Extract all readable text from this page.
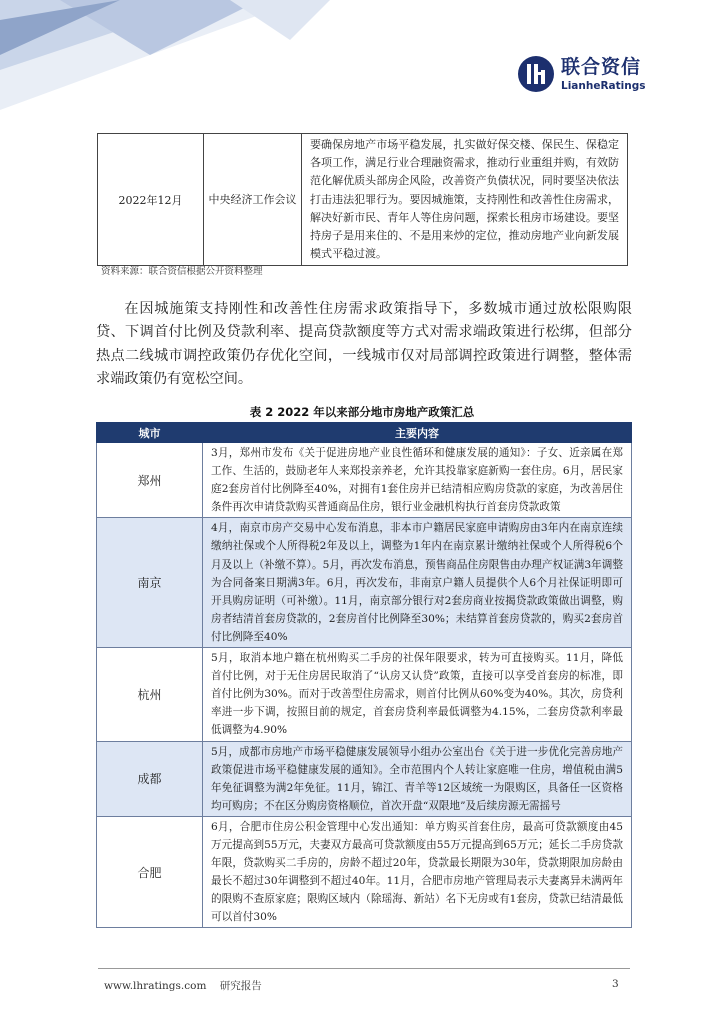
联合资信
LianheRatings
2022年12月	中央经济工作会议	要确保房地产市场平稳发展，扎实做好保交楼、保民生、保稳定各项工作，满足行业合理融资需求，推动行业重组并购，有效防范化解优质头部房企风险，改善资产负债状况，同时要坚决依法打击违法犯罪行为。要因城施策，支持刚性和改善性住房需求，解决好新市民、青年人等住房问题，探索长租房市场建设。要坚持房子是用来住的、不是用来炒的定位，推动房地产业向新发展模式平稳过渡。
资料来源：联合资信根据公开资料整理
在因城施策支持刚性和改善性住房需求政策指导下，多数城市通过放松限购限贷、下调首付比例及贷款利率、提高贷款额度等方式对需求端政策进行松绑，但部分热点二线城市调控政策仍存优化空间，一线城市仅对局部调控政策进行调整，整体需求端政策仍有宽松空间。
表 2 2022 年以来部分地市房地产政策汇总
城市	主要内容
郑州	3月，郑州市发布《关于促进房地产业良性循环和健康发展的通知》：子女、近亲属在郑工作、生活的，鼓励老年人来郑投亲养老，允许其投靠家庭新购一套住房。6月，居民家庭2套房首付比例降至40%，对拥有1套住房并已结清相应购房贷款的家庭，为改善居住条件再次申请贷款购买普通商品住房，银行业金融机构执行首套房贷款政策
南京	4月，南京市房产交易中心发布消息，非本市户籍居民家庭申请购房由3年内在南京连续缴纳社保或个人所得税2年及以上，调整为1年内在南京累计缴纳社保或个人所得税6个月及以上（补缴不算）。5月，再次发布消息，预售商品住房限售由办理产权证满3年调整为合同备案日期满3年。6月，再次发布，非南京户籍人员提供个人6个月社保证明即可开具购房证明（可补缴）。11月，南京部分银行对2套房商业按揭贷款政策做出调整，购房者结清首套房贷款的，2套房首付比例降至30%；未结算首套房贷款的，购买2套房首付比例降至40%
杭州	5月，取消本地户籍在杭州购买二手房的社保年限要求，转为可直接购买。11月，降低首付比例，对于无住房居民取消了“认房又认贷”政策，直接可以享受首套房的标准，即首付比例为30%。而对于改善型住房需求，则首付比例从60%变为40%。其次，房贷利率进一步下调，按照目前的规定，首套房贷利率最低调整为4.15%，二套房贷款利率最低调整为4.90%
成都	5月，成都市房地产市场平稳健康发展领导小组办公室出台《关于进一步优化完善房地产政策促进市场平稳健康发展的通知》。全市范围内个人转让家庭唯一住房，增值税由满5年免征调整为满2年免征。11月，锦江、青羊等12区域统一为限购区，具备任一区资格均可购房；不在区分购房资格顺位，首次开盘“双限地”及后续房源无需摇号
合肥	6月，合肥市住房公积金管理中心发出通知：单方购买首套住房，最高可贷款额度由45万元提高到55万元，夫妻双方最高可贷款额度由55万元提高到65万元；延长二手房贷款年限，贷款购买二手房的，房龄不超过20年，贷款最长期限为30年，贷款期限加房龄由最长不超过30年调整到不超过40年。11月，合肥市房地产管理局表示夫妻离异未满两年的限购不查原家庭；限购区域内（除瑶海、新站）名下无房或有1套房，贷款已结清最低可以首付30%
www.lhratings.com 研究报告	3
